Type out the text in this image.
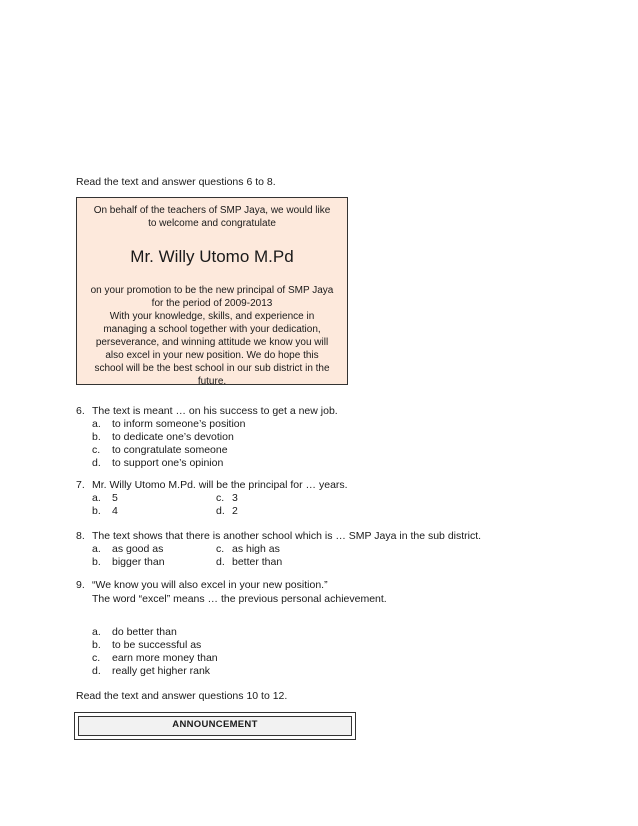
Read the text and answer questions 6 to 8.
On behalf of the teachers of SMP Jaya, we would like
to welcome and congratulate
Mr. Willy Utomo M.Pd
on your promotion to be the new principal of SMP Jaya
for the period of 2009-2013
With your knowledge, skills, and experience in
managing a school together with your dedication,
perseverance, and winning attitude we know you will
also excel in your new position. We do hope this
school will be the best school in our sub district in the
future.
6. The text is meant … on his success to get a new job.
a. to inform someone’s position
b. to dedicate one’s devotion
c. to congratulate someone
d. to support one’s opinion
7. Mr. Willy Utomo M.Pd. will be the principal for … years.
a. 5	c. 3
b. 4	d. 2
8. The text shows that there is another school which is … SMP Jaya in the sub district.
a. as good as	c. as high as
b. bigger than	d. better than
9. “We know you will also excel in your new position.”
The word “excel” means … the previous personal achievement.
a. do better than
b. to be successful as
c. earn more money than
d. really get higher rank
Read the text and answer questions 10 to 12.
ANNOUNCEMENT
